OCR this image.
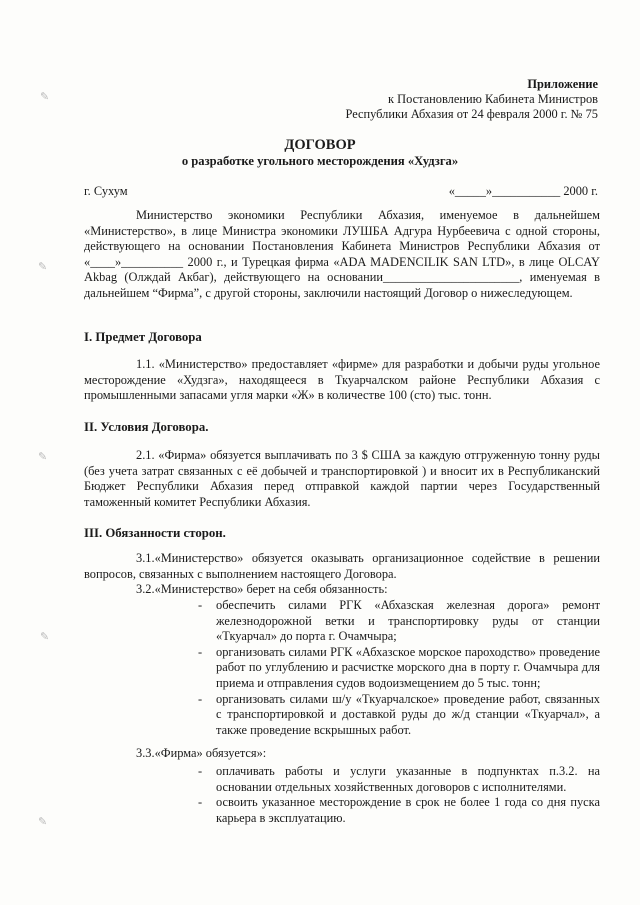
✎
✎
✎
✎
✎
Приложение
к Постановлению Кабинета Министров
Республики Абхазия от 24 февраля 2000 г. № 75
ДОГОВОР
о разработке угольного месторождения «Худзга»
г. Сухум	«_____»___________ 2000 г.

Министерство экономики Республики Абхазия, именуемое в дальнейшем «Министерство», в лице Министра экономики ЛУШБА Адгура Нурбеевича с одной стороны, действующего на основании Постановления Кабинета Министров Республики Абхазия от «____»__________ 2000 г., и Турецкая фирма «ADA MADENCILIK SAN LTD», в лице OLCAY Akbag (Олждай Акбаг), действующего на основании______________________, именуемая в дальнейшем “Фирма”, с другой стороны, заключили настоящий Договор о нижеследующем.

I. Предмет Договора

1.1. «Министерство» предоставляет «фирме» для разработки и добычи руды угольное месторождение «Худзга», находящееся в Ткуарчалском районе Республики Абхазия с промышленными запасами угля марки «Ж» в количестве 100 (сто) тыс. тонн.

II. Условия Договора.

2.1. «Фирма» обязуется выплачивать по 3 $ США за каждую отгруженную тонну руды (без учета затрат связанных с её добычей и транспортировкой ) и вносит их в Республиканский Бюджет Республики Абхазия перед отправкой каждой партии через Государственный таможенный комитет Республики Абхазия.

III. Обязанности сторон.

3.1.«Министерство» обязуется оказывать организационное содействие в решении вопросов, связанных с выполнением настоящего Договора.

3.2.«Министерство» берет на себя обязанность:

- обеспечить силами РГК «Абхазская железная дорога» ремонт железнодорожной ветки и транспортировку руды от станции «Ткуарчал» до порта г. Очамчыра;
- организовать силами РГК «Абхазское морское пароходство» проведение работ по углублению и расчистке морского дна в порту г. Очамчыра для приема и отправления судов водоизмещением до 5 тыс. тонн;
- организовать силами ш/у «Ткуарчалское» проведение работ, связанных с транспортировкой и доставкой руды до ж/д станции «Ткуарчал», а также проведение вскрышных работ.

3.3.«Фирма» обязуется»:

- оплачивать работы и услуги указанные в подпунктах п.3.2. на основании отдельных хозяйственных договоров с исполнителями.
- освоить указанное месторождение в срок не более 1 года со дня пуска карьера в эксплуатацию.
